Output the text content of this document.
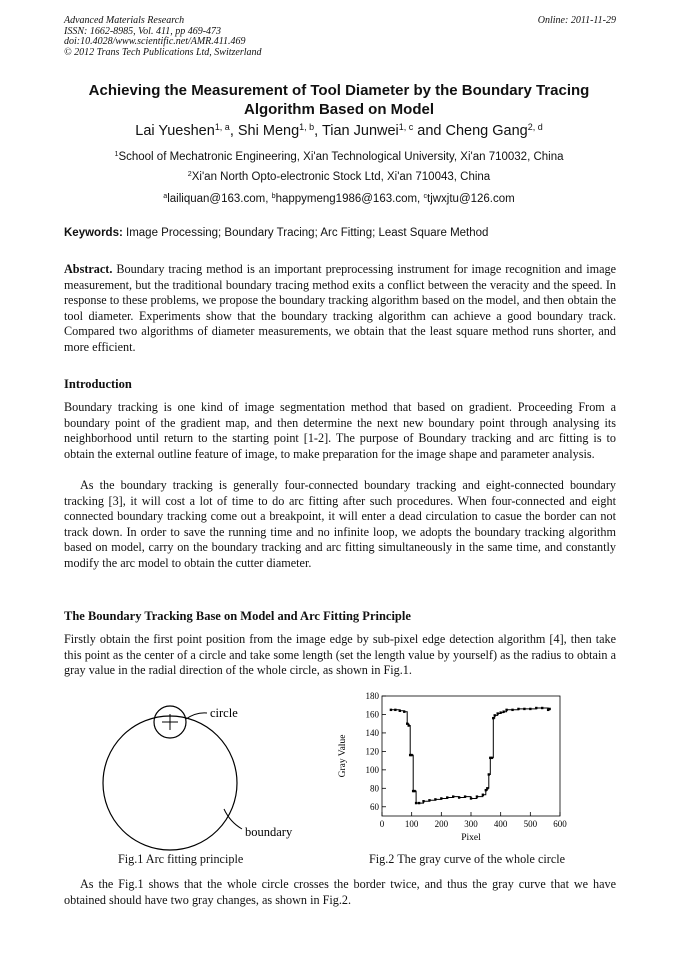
Advanced Materials Research
ISSN: 1662-8985, Vol. 411, pp 469-473
doi:10.4028/www.scientific.net/AMR.411.469
© 2012 Trans Tech Publications Ltd, Switzerland
Online: 2011-11-29
Achieving the Measurement of Tool Diameter by the Boundary Tracing
Algorithm Based on Model
Lai Yueshen$^{1, a}$, Shi Meng$^{1, b}$, Tian Junwei$^{1, c}$ and Cheng Gang$^{2, d}$
$^1$School of Mechatronic Engineering, Xi'an Technological University, Xi'an 710032, China
$^2$Xi'an North Opto-electronic Stock Ltd, Xi'an 710043, China
$^a$lailiquan@163.com, $^b$happymeng1986@163.com, $^c$tjwxjtu@126.com
Keywords: Image Processing; Boundary Tracing; Arc Fitting; Least Square Method

Abstract. Boundary tracing method is an important preprocessing instrument for image recognition and image measurement, but the traditional boundary tracing method exits a conflict between the veracity and the speed. In response to these problems, we propose the boundary tracking algorithm based on the model, and then obtain the tool diameter. Experiments show that the boundary tracking algorithm can achieve a good boundary track. Compared two algorithms of diameter measurements, we obtain that the least square method runs shorter, and more efficient.

Introduction

Boundary tracking is one kind of image segmentation method that based on gradient. Proceeding From a boundary point of the gradient map, and then determine the next new boundary point through analysing its neighborhood until return to the starting point [1-2]. The purpose of Boundary tracking and arc fitting is to obtain the external outline feature of image, to make preparation for the image shape and parameter analysis.

As the boundary tracking is generally four-connected boundary tracking and eight-connected boundary tracking [3], it will cost a lot of time to do arc fitting after such procedures. When four-connected and eight connected boundary tracking come out a breakpoint, it will enter a dead circulation to casue the border can not track down. In order to save the running time and no infinite loop, we adopts the boundary tracking algorithm based on model, carry on the boundary tracking and arc fitting simultaneously in the same time, and constantly modify the arc model to obtain the cutter diameter.

The Boundary Tracking Base on Model and Arc Fitting Principle

Firstly obtain the first point position from the image edge by sub-pixel edge detection algorithm [4], then take this point as the center of a circle and take some length (set the length value by yourself) as the radius to obtain a gray value in the radial direction of the whole circle, as shown in Fig.1.

circle
boundary
Fig.1 Arc fitting principle
60
80
100
120
140
160
180
0 100 200 300 400 500 600
Pixel
Gray Value
Fig.2 The gray curve of the whole circle

As the Fig.1 shows that the whole circle crosses the border twice, and thus the gray curve that we have obtained should have two gray changes, as shown in Fig.2.
